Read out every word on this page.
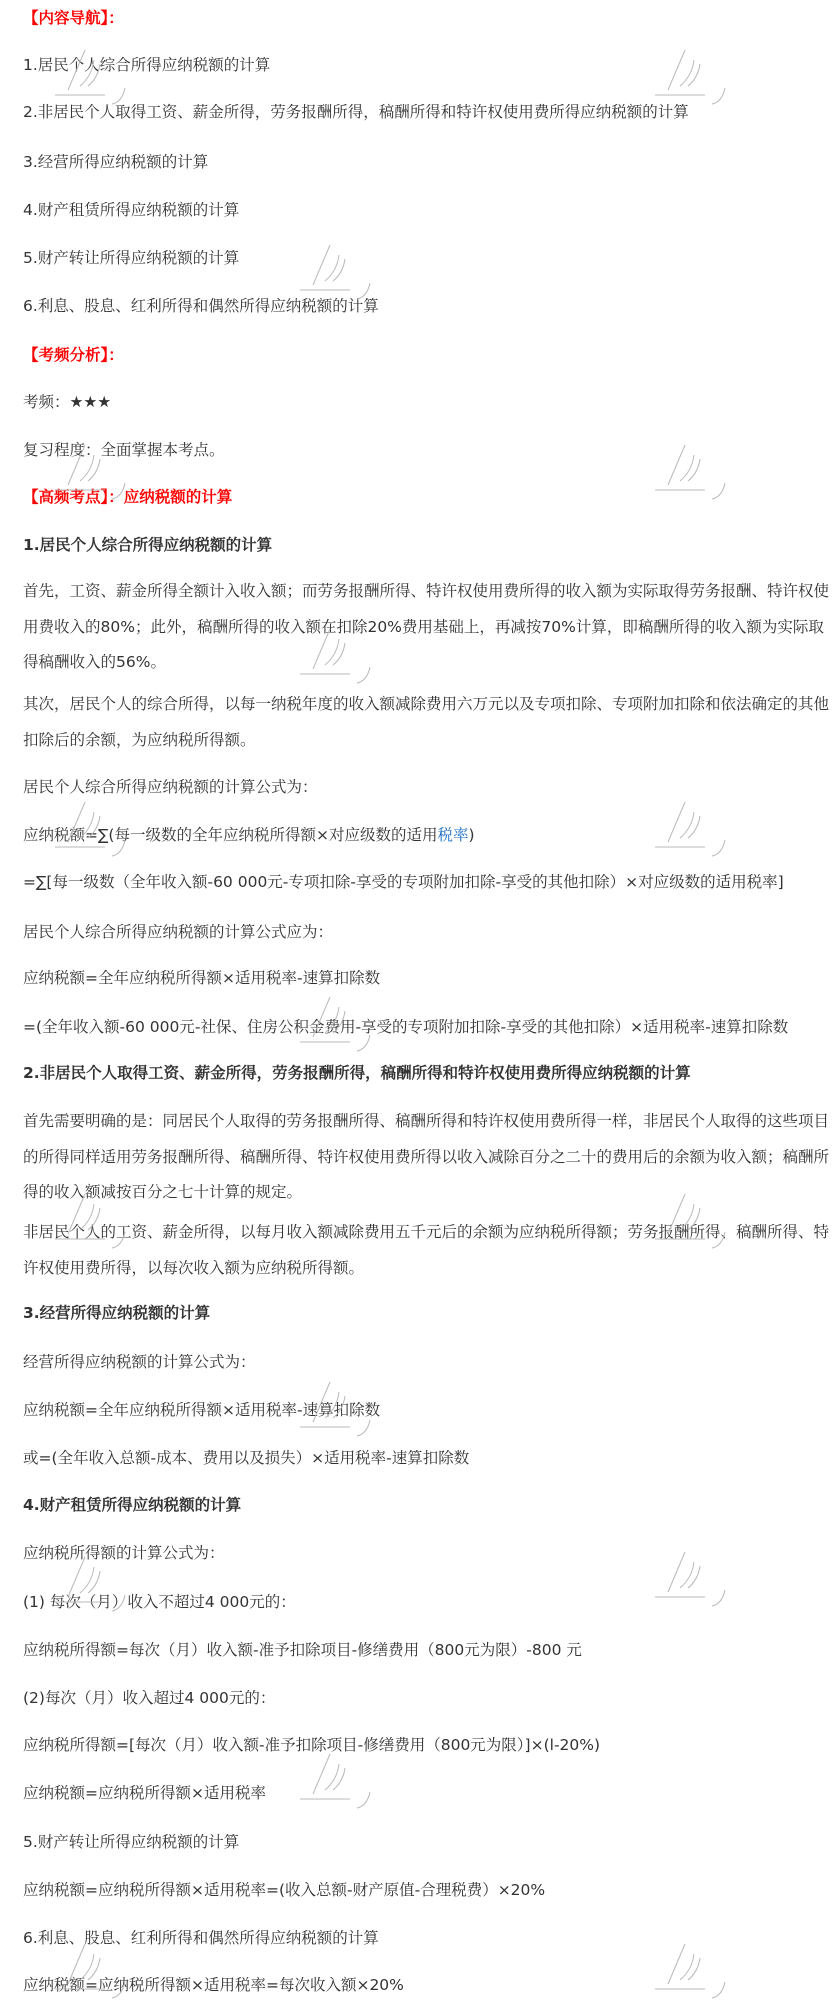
【内容导航】：
1.居民个人综合所得应纳税额的计算
2.非居民个人取得工资、薪金所得，劳务报酬所得，稿酬所得和特许权使用费所得应纳税额的计算
3.经营所得应纳税额的计算
4.财产租赁所得应纳税额的计算
5.财产转让所得应纳税额的计算
6.利息、股息、红利所得和偶然所得应纳税额的计算
【考频分析】：
考频：★★★
复习程度：全面掌握本考点。
【高频考点】：应纳税额的计算
1.居民个人综合所得应纳税额的计算
首先，工资、薪金所得全额计入收入额；而劳务报酬所得、特许权使用费所得的收入额为实际取得劳务报酬、特许权使用费收入的80%；此外，稿酬所得的收入额在扣除20%费用基础上，再减按70%计算，即稿酬所得的收入额为实际取得稿酬收入的56%。
其次，居民个人的综合所得，以每一纳税年度的收入额减除费用六万元以及专项扣除、专项附加扣除和依法确定的其他扣除后的余额，为应纳税所得额。
居民个人综合所得应纳税额的计算公式为：
应纳税额=∑(每一级数的全年应纳税所得额×对应级数的适用税率)
=∑[每一级数（全年收入额-60 000元-专项扣除-享受的专项附加扣除-享受的其他扣除）×对应级数的适用税率]
居民个人综合所得应纳税额的计算公式应为：
应纳税额=全年应纳税所得额×适用税率-速算扣除数
=(全年收入额-60 000元-社保、住房公积金费用-享受的专项附加扣除-享受的其他扣除）×适用税率-速算扣除数
2.非居民个人取得工资、薪金所得，劳务报酬所得，稿酬所得和特许权使用费所得应纳税额的计算
首先需要明确的是：同居民个人取得的劳务报酬所得、稿酬所得和特许权使用费所得一样，非居民个人取得的这些项目的所得同样适用劳务报酬所得、稿酬所得、特许权使用费所得以收入减除百分之二十的费用后的余额为收入额；稿酬所得的收入额减按百分之七十计算的规定。
非居民个人的工资、薪金所得，以每月收入额减除费用五千元后的余额为应纳税所得额；劳务报酬所得、稿酬所得、特许权使用费所得，以每次收入额为应纳税所得额。
3.经营所得应纳税额的计算
经营所得应纳税额的计算公式为：
应纳税额=全年应纳税所得额×适用税率-速算扣除数
或=(全年收入总额-成本、费用以及损失）×适用税率-速算扣除数
4.财产租赁所得应纳税额的计算
应纳税所得额的计算公式为：
(1) 每次（月）收入不超过4 000元的：
应纳税所得额=每次（月）收入额-准予扣除项目-修缮费用（800元为限）-800 元
(2)每次（月）收入超过4 000元的：
应纳税所得额=[每次（月）收入额-准予扣除项目-修缮费用（800元为限）]×(l-20%)
应纳税额=应纳税所得额×适用税率
5.财产转让所得应纳税额的计算
应纳税额=应纳税所得额×适用税率=(收入总额-财产原值-合理税费）×20%
6.利息、股息、红利所得和偶然所得应纳税额的计算
应纳税额=应纳税所得额×适用税率=每次收入额×20%
